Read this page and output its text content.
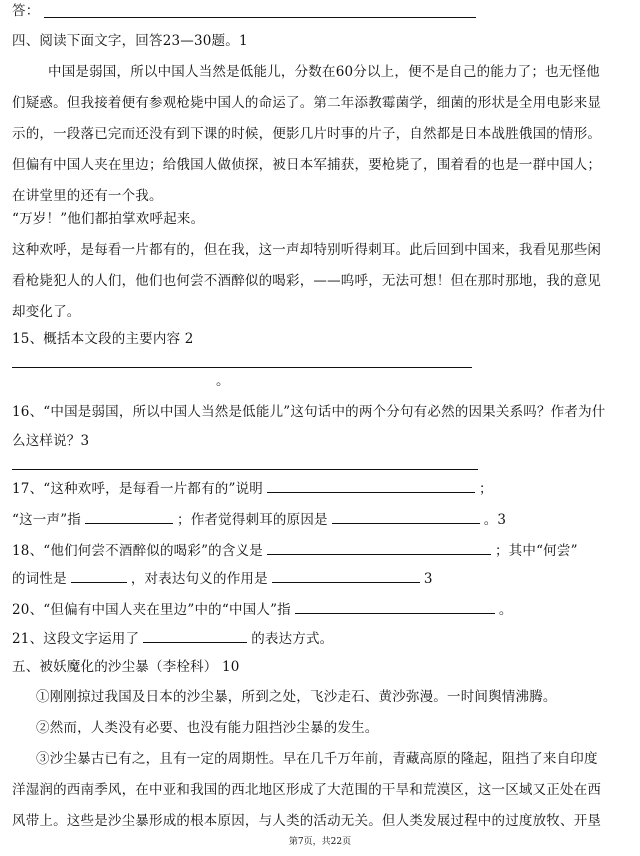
答：
四、阅读下面文字，回答23—30题。1
中国是弱国，所以中国人当然是低能儿，分数在60分以上，便不是自己的能力了；也无怪他
们疑惑。但我接着便有参观枪毙中国人的命运了。第二年添教霉菌学，细菌的形状是全用电影来显
示的，一段落已完而还没有到下课的时候，便影几片时事的片子，自然都是日本战胜俄国的情形。
但偏有中国人夹在里边；给俄国人做侦探，被日本军捕获，要枪毙了，围着看的也是一群中国人；
在讲堂里的还有一个我。
“万岁！”他们都拍掌欢呼起来。
这种欢呼，是每看一片都有的，但在我，这一声却特别听得刺耳。此后回到中国来，我看见那些闲
看枪毙犯人的人们，他们也何尝不酒醉似的喝彩，——呜呼，无法可想！但在那时那地，我的意见
却变化了。
15、概括本文段的主要内容 2
。
16、“中国是弱国，所以中国人当然是低能儿”这句话中的两个分句有必然的因果关系吗？作者为什
么这样说？3
17、“这种欢呼，是每看一片都有的”说明	；
“这一声”指	；作者觉得刺耳的原因是	。3
18、“他们何尝不酒醉似的喝彩”的含义是	；其中“何尝”
的词性是	，对表达句义的作用是	3
20、“但偏有中国人夹在里边”中的“中国人”指	。
21、这段文字运用了	的表达方式。
五、被妖魔化的沙尘暴（李栓科） 10
①刚刚掠过我国及日本的沙尘暴，所到之处，飞沙走石、黄沙弥漫。一时间舆情沸腾。
②然而，人类没有必要、也没有能力阻挡沙尘暴的发生。
③沙尘暴古已有之，且有一定的周期性。早在几千万年前，青藏高原的隆起，阻挡了来自印度
洋湿润的西南季风，在中亚和我国的西北地区形成了大范围的干旱和荒漠区，这一区域又正处在西
风带上。这些是沙尘暴形成的根本原因，与人类的活动无关。但人类发展过程中的过度放牧、开垦
第7页，共22页
